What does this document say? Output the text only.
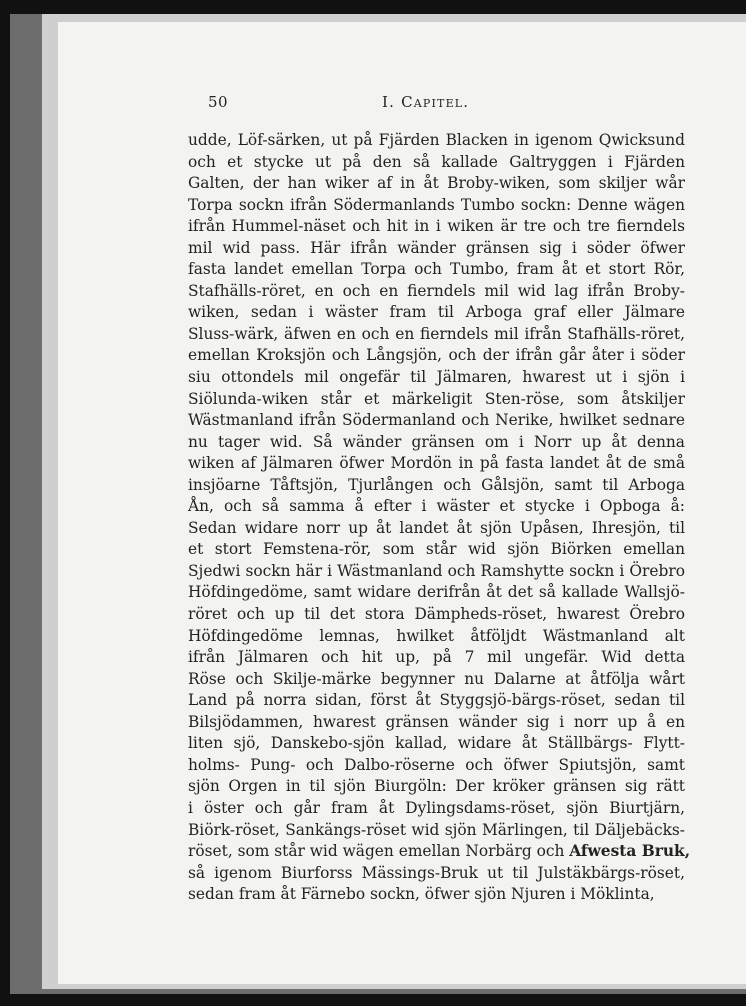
50	I. Capitel.
udde, Löf-särken, ut på Fjärden Blacken in igenom Qwicksund
och et stycke ut på den så kallade Galtryggen i Fjärden
Galten, der han wiker af in åt Broby-wiken, som skiljer wår
Torpa sockn ifrån Södermanlands Tumbo sockn: Denne wägen
ifrån Hummel-näset och hit in i wiken är tre och tre fierndels
mil wid pass. Här ifrån wänder gränsen sig i söder öfwer
fasta landet emellan Torpa och Tumbo, fram åt et stort Rör,
Stafhälls-röret, en och en fierndels mil wid lag ifrån Broby-
wiken, sedan i wäster fram til Arboga graf eller Jälmare
Sluss-wärk, äfwen en och en fierndels mil ifrån Stafhälls-röret,
emellan Kroksjön och Långsjön, och der ifrån går åter i söder
siu ottondels mil ongefär til Jälmaren, hwarest ut i sjön i
Siölunda-wiken står et märkeligit Sten-röse, som åtskiljer
Wästmanland ifrån Södermanland och Nerike, hwilket sednare
nu tager wid. Så wänder gränsen om i Norr up åt denna
wiken af Jälmaren öfwer Mordön in på fasta landet åt de små
insjöarne Tåftsjön, Tjurlången och Gålsjön, samt til Arboga
Ån, och så samma å efter i wäster et stycke i Opboga å:
Sedan widare norr up åt landet åt sjön Upåsen, Ihresjön, til
et stort Femstena-rör, som står wid sjön Biörken emellan
Sjedwi sockn här i Wästmanland och Ramshytte sockn i Örebro
Höfdingedöme, samt widare derifrån åt det så kallade Wallsjö-
röret och up til det stora Dämpheds-röset, hwarest Örebro
Höfdingedöme lemnas, hwilket åtföljdt Wästmanland alt
ifrån Jälmaren och hit up, på 7 mil ungefär. Wid detta
Röse och Skilje-märke begynner nu Dalarne at åtfölja wårt
Land på norra sidan, först åt Styggsjö-bärgs-röset, sedan til
Bilsjödammen, hwarest gränsen wänder sig i norr up å en
liten sjö, Danskebo-sjön kallad, widare åt Ställbärgs- Flytt-
holms- Pung- och Dalbo-röserne och öfwer Spiutsjön, samt
sjön Orgen in til sjön Biurgöln: Der kröker gränsen sig rätt
i öster och går fram åt Dylingsdams-röset, sjön Biurtjärn,
Biörk-röset, Sankängs-röset wid sjön Märlingen, til Däljebäcks-
röset, som står wid wägen emellan Norbärg och Afwesta Bruk,
så igenom Biurforss Mässings-Bruk ut til Julstäkbärgs-röset,
sedan fram åt Färnebo sockn, öfwer sjön Njuren i Möklinta,
